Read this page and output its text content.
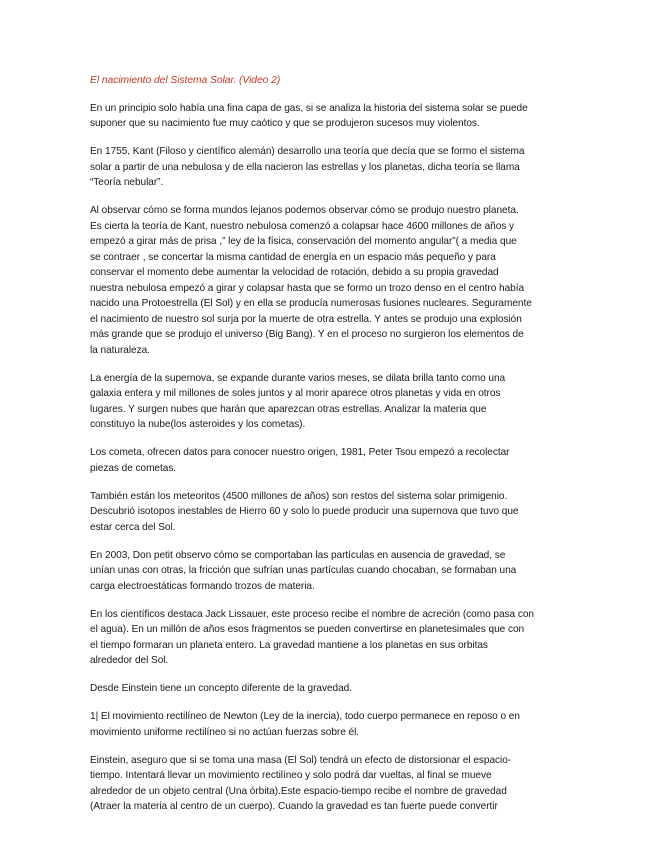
El nacimiento del Sistema Solar. (Video 2)
En un principio solo había una fina capa de gas, si se analiza la historia del sistema solar se puede
suponer que su nacimiento fue muy caótico y que se produjeron sucesos muy violentos.
En 1755, Kant (Filoso y científico alemán) desarrollo una teoría que decía que se formo el sistema
solar a partir de una nebulosa y de ella nacieron las estrellas y los planetas, dicha teoría se llama
“Teoría nebular”.
Al observar cómo se forma mundos lejanos podemos observar cómo se produjo nuestro planeta.
Es cierta la teoría de Kant, nuestro nebulosa comenzó a colapsar hace 4600 millones de años y
empezó a girar más de prisa ,” ley de la física, conservación del momento angular”( a media que
se contraer , se concertar la misma cantidad de energía en un espacio más pequeño y para
conservar el momento debe aumentar la velocidad de rotación, debido a su propia gravedad
nuestra nebulosa empezó a girar y colapsar hasta que se formo un trozo denso en el centro había
nacido una Protoestrella (El Sol) y en ella se producía numerosas fusiones nucleares. Seguramente
el nacimiento de nuestro sol surja por la muerte de otra estrella. Y antes se produjo una explosión
más grande que se produjo el universo (Big Bang). Y en el proceso no surgieron los elementos de
la naturaleza.
La energía de la supernova, se expande durante varios meses, se dilata brilla tanto como una
galaxia entera y mil millones de soles juntos y al morir aparece otros planetas y vida en otros
lugares. Y surgen nubes que harán que aparezcan otras estrellas. Analizar la materia que
constituyo la nube(los asteroides y los cometas).
Los cometa, ofrecen datos para conocer nuestro origen, 1981, Peter Tsou empezó a recolectar
piezas de cometas.
También están los meteoritos (4500 millones de años) son restos del sistema solar primigenio.
Descubrió isotopos inestables de Hierro 60 y solo lo puede producir una supernova que tuvo que
estar cerca del Sol.
En 2003, Don petit observo cómo se comportaban las partículas en ausencia de gravedad, se
unían unas con otras, la fricción que sufrían unas partículas cuando chocaban, se formaban una
carga electroestáticas formando trozos de materia.
En los científicos destaca Jack Lissauer, este proceso recibe el nombre de acreción (como pasa con
el agua). En un millón de años esos fragmentos se pueden convertirse en planetesimales que con
el tiempo formaran un planeta entero. La gravedad mantiene a los planetas en sus orbitas
alrededor del Sol.
Desde Einstein tiene un concepto diferente de la gravedad.
1| El movimiento rectilíneo de Newton (Ley de la inercia), todo cuerpo permanece en reposo o en
movimiento uniforme rectilíneo si no actúan fuerzas sobre él.
Einstein, aseguro que si se toma una masa (El Sol) tendrá un efecto de distorsionar el espacio-
tiempo. Intentará llevar un movimiento rectilíneo y solo podrá dar vueltas, al final se mueve
alrededor de un objeto central (Una órbita).Este espacio-tiempo recibe el nombre de gravedad
(Atraer la materia al centro de un cuerpo). Cuando la gravedad es tan fuerte puede convertir
